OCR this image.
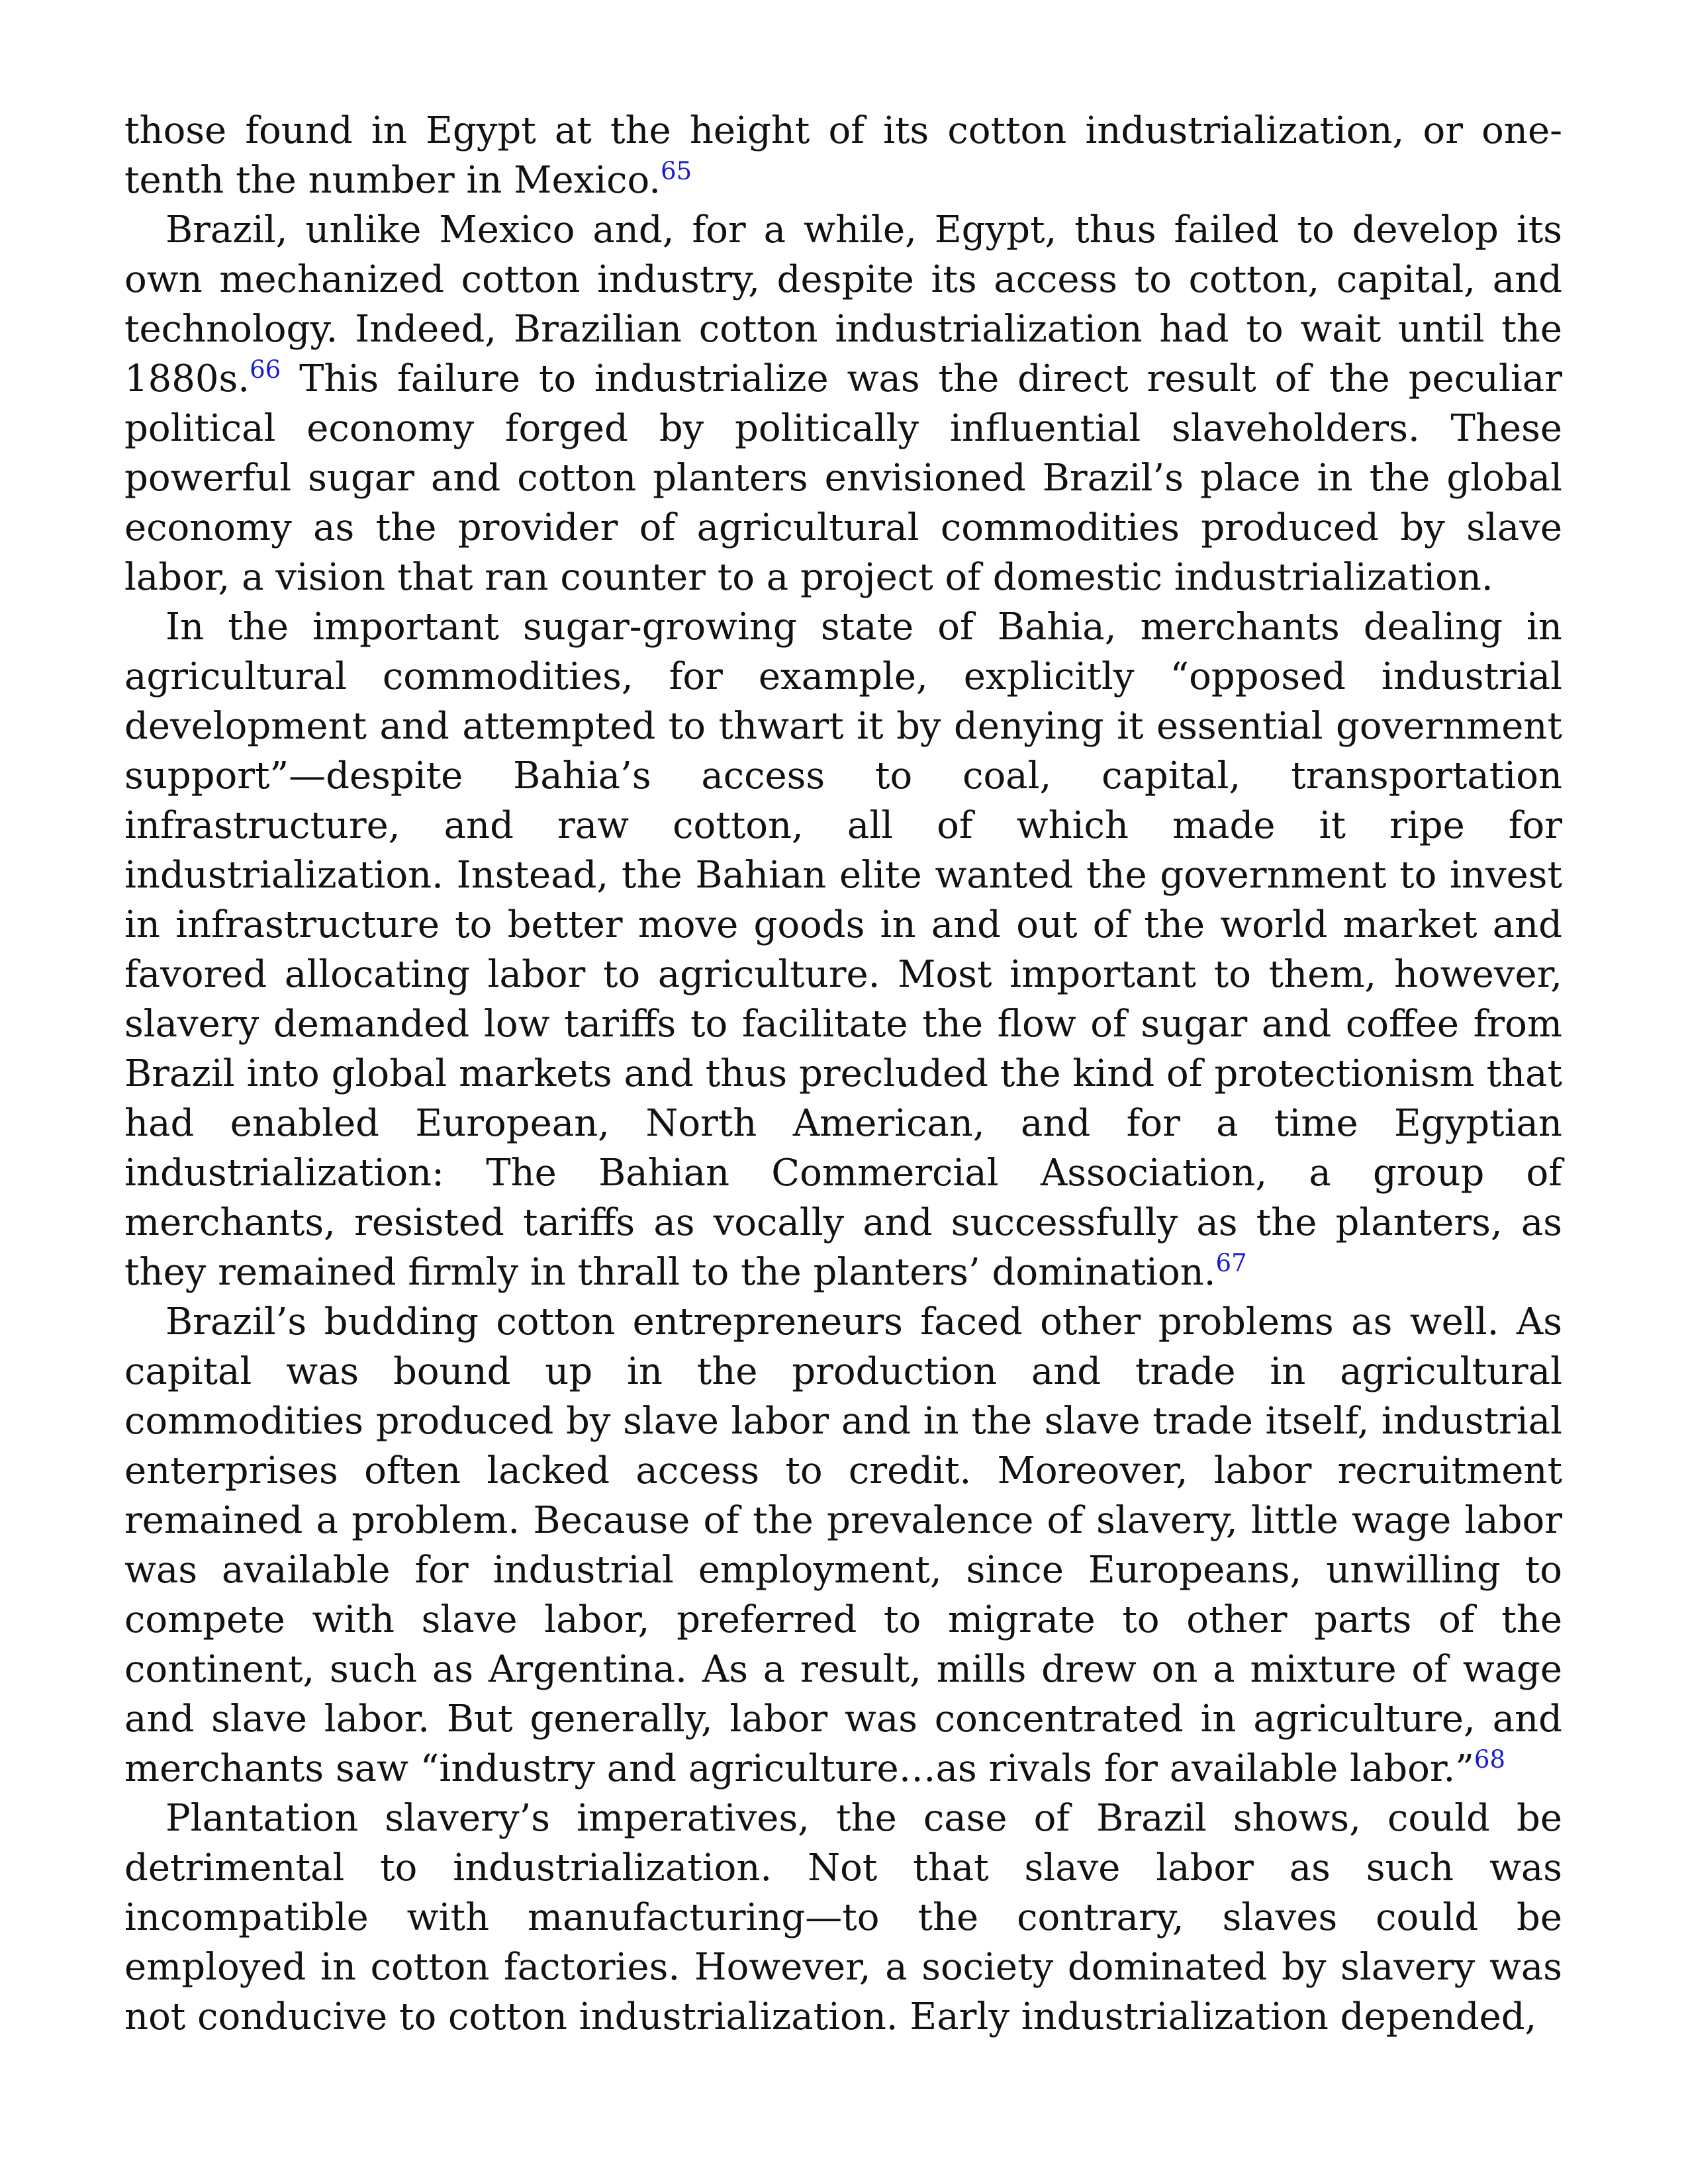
those found in Egypt at the height of its cotton industrialization, or one-tenth the number in Mexico.$^{65}$

Brazil, unlike Mexico and, for a while, Egypt, thus failed to develop its own mechanized cotton industry, despite its access to cotton, capital, and technology. Indeed, Brazilian cotton industrialization had to wait until the 1880s.$^{66}$ This failure to industrialize was the direct result of the peculiar political economy forged by politically influential slaveholders. These powerful sugar and cotton planters envisioned Brazil’s place in the global economy as the provider of agricultural commodities produced by slave labor, a vision that ran counter to a project of domestic industrialization.

In the important sugar-growing state of Bahia, merchants dealing in agricultural commodities, for example, explicitly “opposed industrial development and attempted to thwart it by denying it essential government support”—despite Bahia’s access to coal, capital, transportation infrastructure, and raw cotton, all of which made it ripe for industrialization. Instead, the Bahian elite wanted the government to invest in infrastructure to better move goods in and out of the world market and favored allocating labor to agriculture. Most important to them, however, slavery demanded low tariffs to facilitate the flow of sugar and coffee from Brazil into global markets and thus precluded the kind of protectionism that had enabled European, North American, and for a time Egyptian industrialization: The Bahian Commercial Association, a group of merchants, resisted tariffs as vocally and successfully as the planters, as they remained firmly in thrall to the planters’ domination.$^{67}$

Brazil’s budding cotton entrepreneurs faced other problems as well. As capital was bound up in the production and trade in agricultural commodities produced by slave labor and in the slave trade itself, industrial enterprises often lacked access to credit. Moreover, labor recruitment remained a problem. Because of the prevalence of slavery, little wage labor was available for industrial employment, since Europeans, unwilling to compete with slave labor, preferred to migrate to other parts of the continent, such as Argentina. As a result, mills drew on a mixture of wage and slave labor. But generally, labor was concentrated in agriculture, and merchants saw “industry and agriculture…as rivals for available labor.”$^{68}$

Plantation slavery’s imperatives, the case of Brazil shows, could be detrimental to industrialization. Not that slave labor as such was incompatible with manufacturing—to the contrary, slaves could be employed in cotton factories. However, a society dominated by slavery was not conducive to cotton industrialization. Early industrialization depended,
